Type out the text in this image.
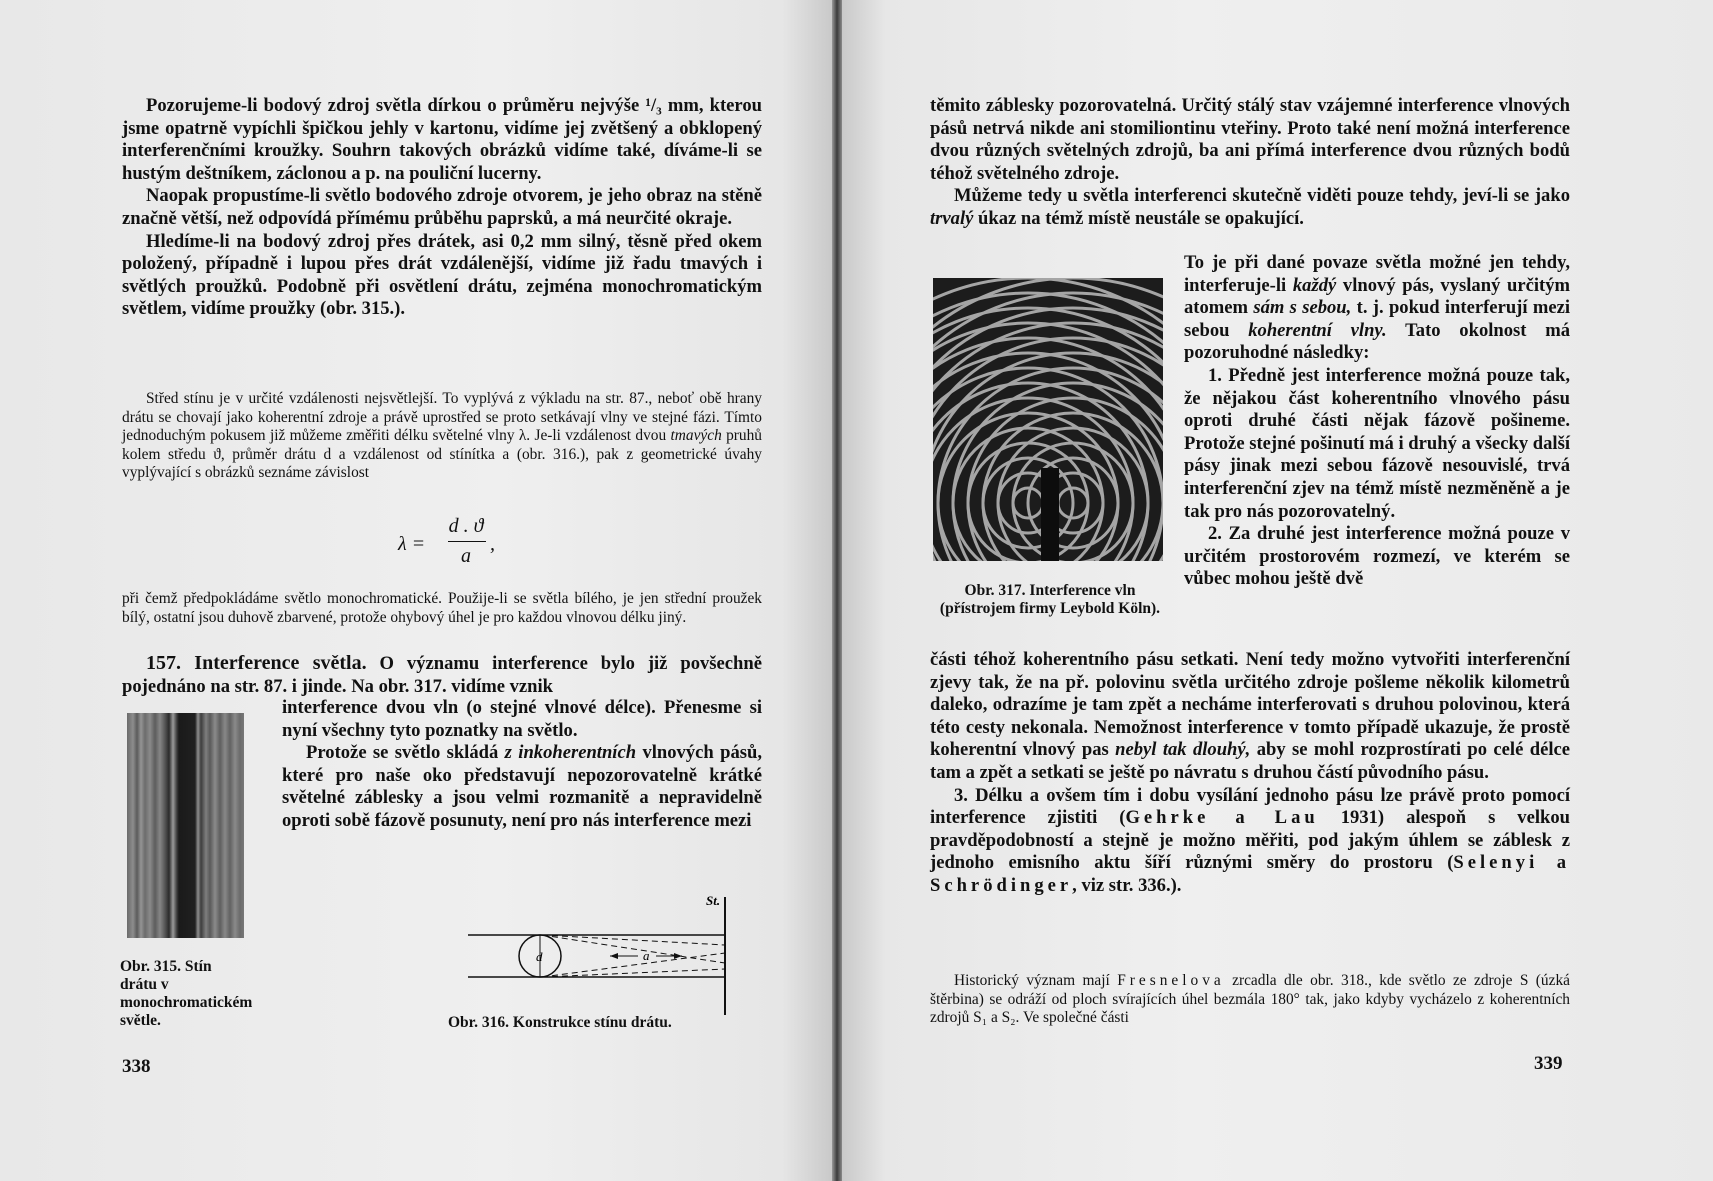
Pozorujeme-li bodový zdroj světla dírkou o průměru nejvýše ¹/₃ mm, kterou jsme opatrně vypíchli špičkou jehly v kartonu, vidíme jej zvětšený a obklopený interferenčními kroužky. Souhrn takových obrázků vidíme také, díváme-li se hustým deštníkem, záclonou a p. na pouliční lucerny.

Naopak propustíme-li světlo bodového zdroje otvorem, je jeho obraz na stěně značně větší, než odpovídá přímému průběhu paprsků, a má neurčité okraje.

Hledíme-li na bodový zdroj přes drátek, asi 0,2 mm silný, těsně před okem položený, případně i lupou přes drát vzdálenější, vidíme již řadu tmavých i světlých proužků. Podobně při osvětlení drátu, zejména monochromatickým světlem, vidíme proužky (obr. 315.).

Střed stínu je v určité vzdálenosti nejsvětlejší. To vyplývá z výkladu na str. 87., neboť obě hrany drátu se chovají jako koherentní zdroje a právě uprostřed se proto setkávají vlny ve stejné fázi. Tímto jednoduchým pokusem již můžeme změřiti délku světelné vlny λ. Je-li vzdálenost dvou tmavých pruhů kolem středu ϑ, průměr drátu d a vzdálenost od stínítka a (obr. 316.), pak z geometrické úvahy vyplývající s obrázků seznáme závislost

λ =
d . ϑ
a
,

při čemž předpokládáme světlo monochromatické. Použije-li se světla bílého, je jen střední proužek bílý, ostatní jsou duhově zbarvené, protože ohybový úhel je pro každou vlnovou délku jiný.

157. Interference světla. O významu interference bylo již povšechně pojednáno na str. 87. i jinde. Na obr. 317. vidíme vznik

interference dvou vln (o stejné vlnové délce). Přenesme si nyní všechny tyto poznatky na světlo.

Protože se světlo skládá z inkoherentních vlnových pásů, které pro naše oko představují nepozorovatelně krátké světelné záblesky a jsou velmi rozmanitě a nepravidelně oproti sobě fázově posunuty, není pro nás interference mezi

Obr. 315. Stín drátu v monochromatickém světle.
St.
d	a
Obr. 316. Konstrukce stínu drátu.
338

těmito záblesky pozorovatelná. Určitý stálý stav vzájemné interference vlnových pásů netrvá nikde ani stomiliontinu vteřiny. Proto také není možná interference dvou různých světelných zdrojů, ba ani přímá interference dvou různých bodů téhož světelného zdroje.

Můžeme tedy u světla interferenci skutečně viděti pouze tehdy, jeví-li se jako trvalý úkaz na témž místě neustále se opakující.

To je při dané povaze světla možné jen tehdy, interferuje-li každý vlnový pás, vyslaný určitým atomem sám s sebou, t. j. pokud interferují mezi sebou koherentní vlny. Tato okolnost má pozoruhodné následky:

1. Předně jest interference možná pouze tak, že nějakou část koherentního vlnového pásu oproti druhé části nějak fázově pošineme. Protože stejné pošinutí má i druhý a všecky další pásy jinak mezi sebou fázově nesouvislé, trvá interferenční zjev na témž místě nezměněně a je tak pro nás pozorovatelný.

2. Za druhé jest interference možná pouze v určitém prostorovém rozmezí, ve kterém se vůbec mohou ještě dvě

Obr. 317. Interference vln (přístrojem firmy Leybold Köln).

části téhož koherentního pásu setkati. Není tedy možno vytvořiti interferenční zjevy tak, že na př. polovinu světla určitého zdroje pošleme několik kilometrů daleko, odrazíme je tam zpět a necháme interferovati s druhou polovinou, která této cesty nekonala. Nemožnost interference v tomto případě ukazuje, že prostě koherentní vlnový pas nebyl tak dlouhý, aby se mohl rozprostírati po celé délce tam a zpět a setkati se ještě po návratu s druhou částí původního pásu.

3. Délku a ovšem tím i dobu vysílání jednoho pásu lze právě proto pomocí interference zjistiti (Gehrke a Lau 1931) alespoň s velkou pravděpodobností a stejně je možno měřiti, pod jakým úhlem se záblesk z jednoho emisního aktu šíří různými směry do prostoru (Selenyi a Schrödinger, viz str. 336.).

Historický význam mají Fresnelova zrcadla dle obr. 318., kde světlo ze zdroje S (úzká štěrbina) se odráží od ploch svírajících úhel bezmála 180° tak, jako kdyby vycházelo z koherentních zdrojů S₁ a S₂. Ve společné části

339
